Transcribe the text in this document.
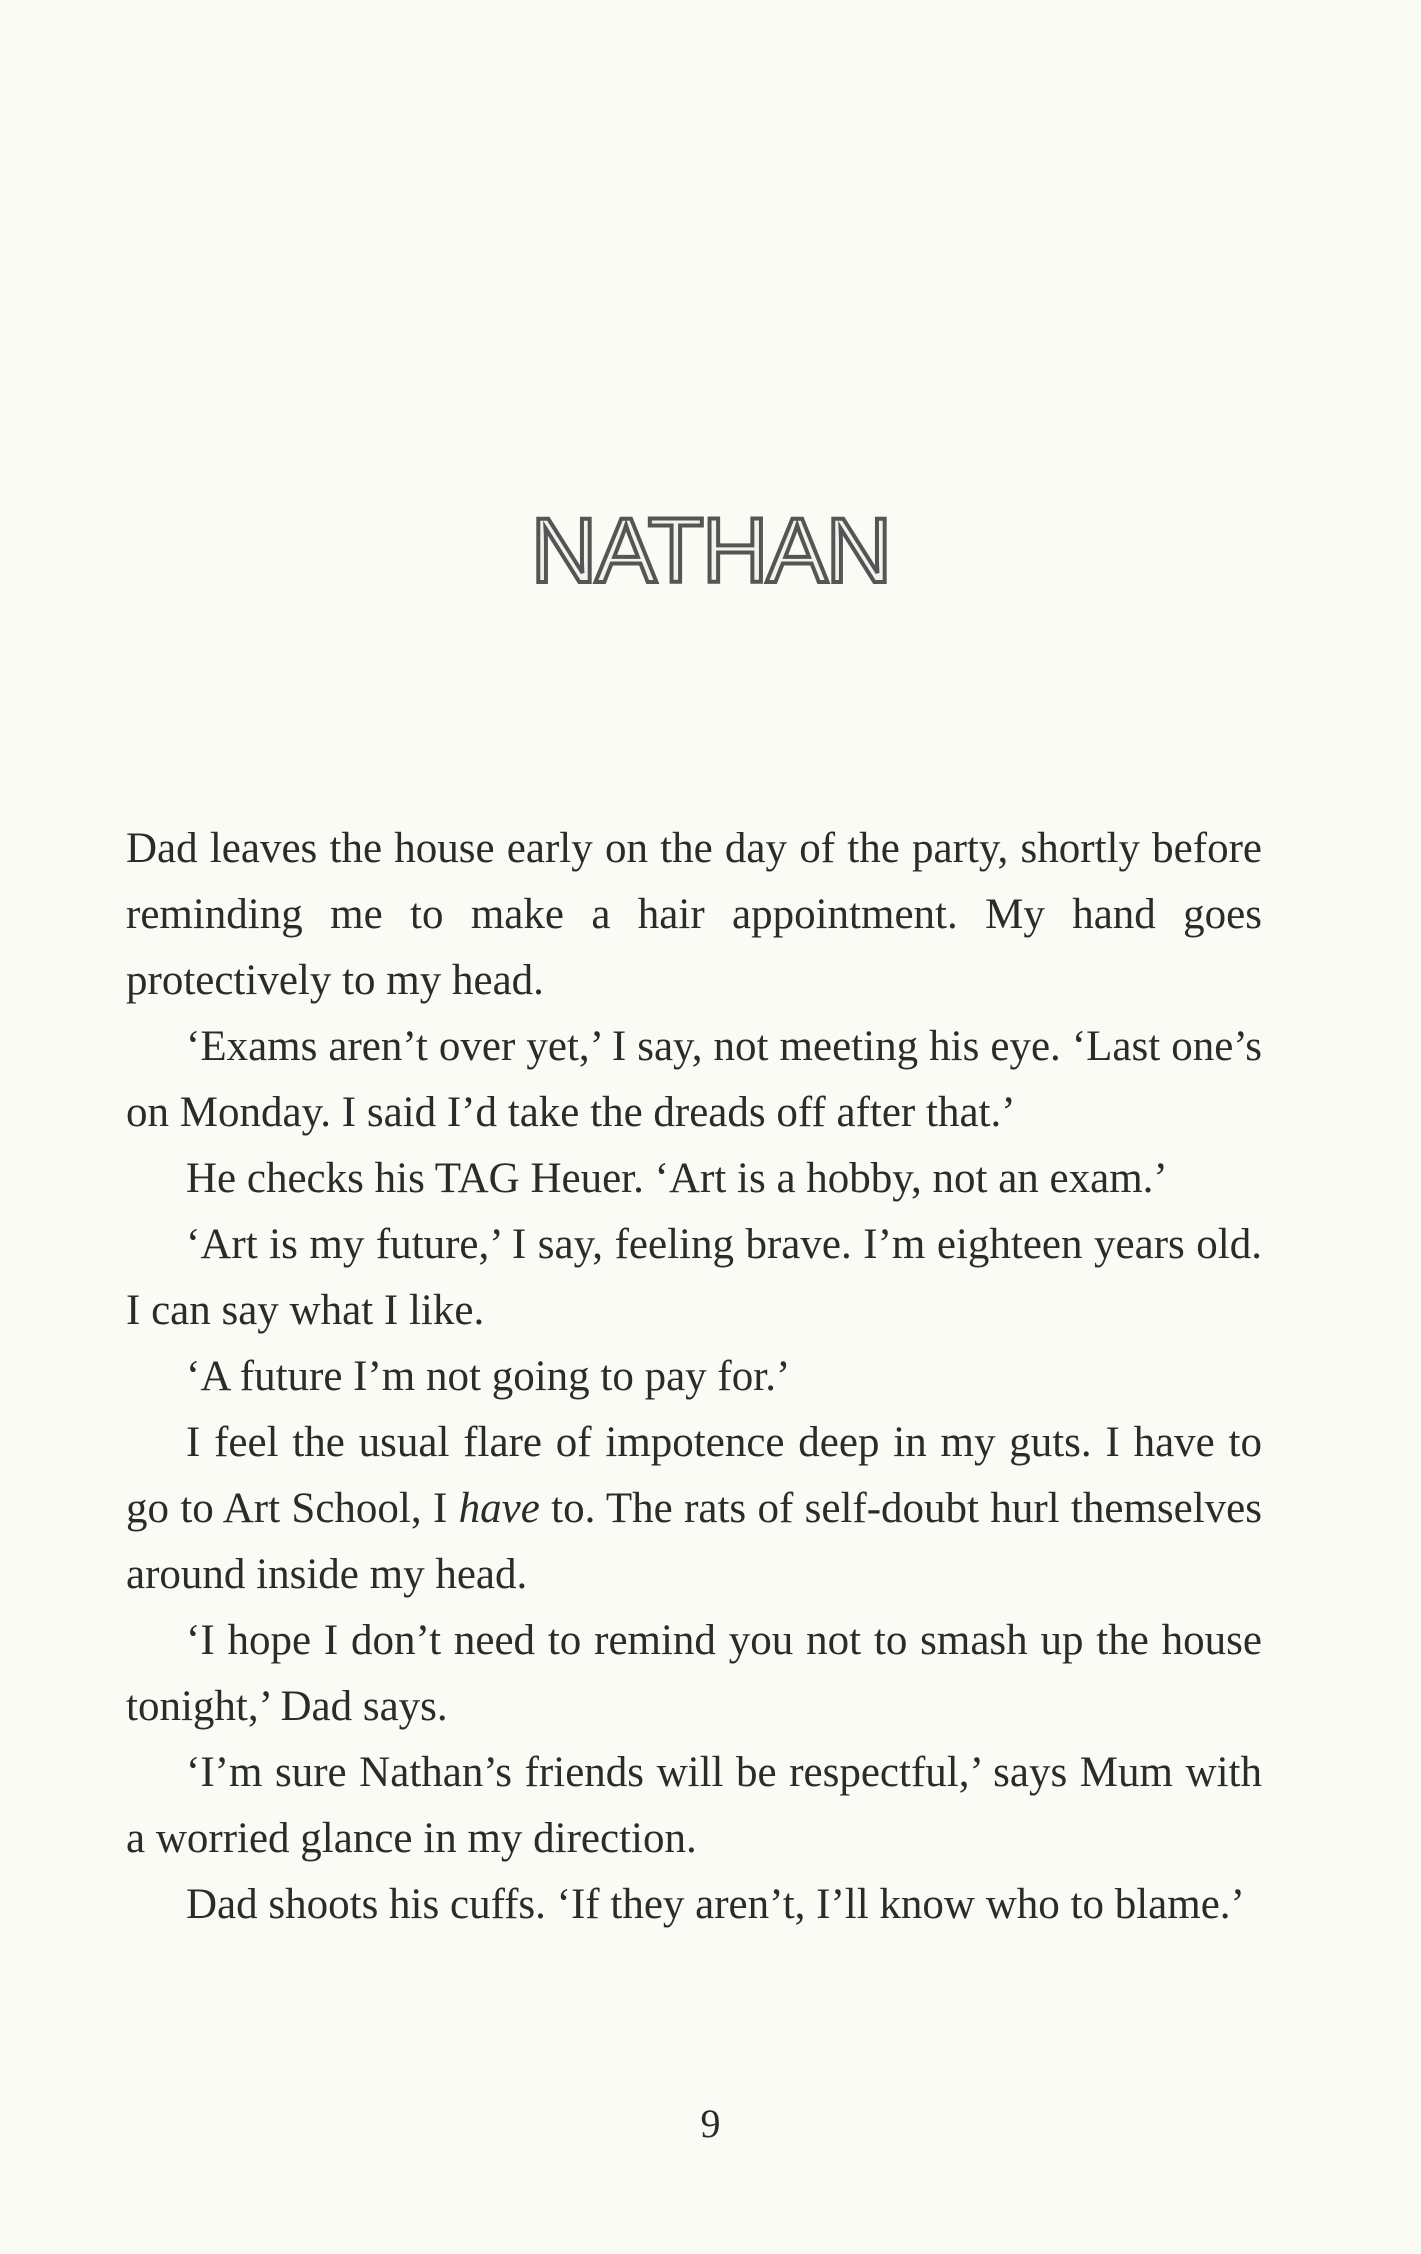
NATHAN

Dad leaves the house early on the day of the party, shortly before reminding me to make a hair appointment. My hand goes protectively to my head.

‘Exams aren’t over yet,’ I say, not meeting his eye. ‘Last one’s on Monday. I said I’d take the dreads off after that.’

He checks his TAG Heuer. ‘Art is a hobby, not an exam.’

‘Art is my future,’ I say, feeling brave. I’m eighteen years old. I can say what I like.

‘A future I’m not going to pay for.’

I feel the usual flare of impotence deep in my guts. I have to go to Art School, I have to. The rats of self-doubt hurl themselves around inside my head.

‘I hope I don’t need to remind you not to smash up the house tonight,’ Dad says.

‘I’m sure Nathan’s friends will be respectful,’ says Mum with a worried glance in my direction.

Dad shoots his cuffs. ‘If they aren’t, I’ll know who to blame.’

9
